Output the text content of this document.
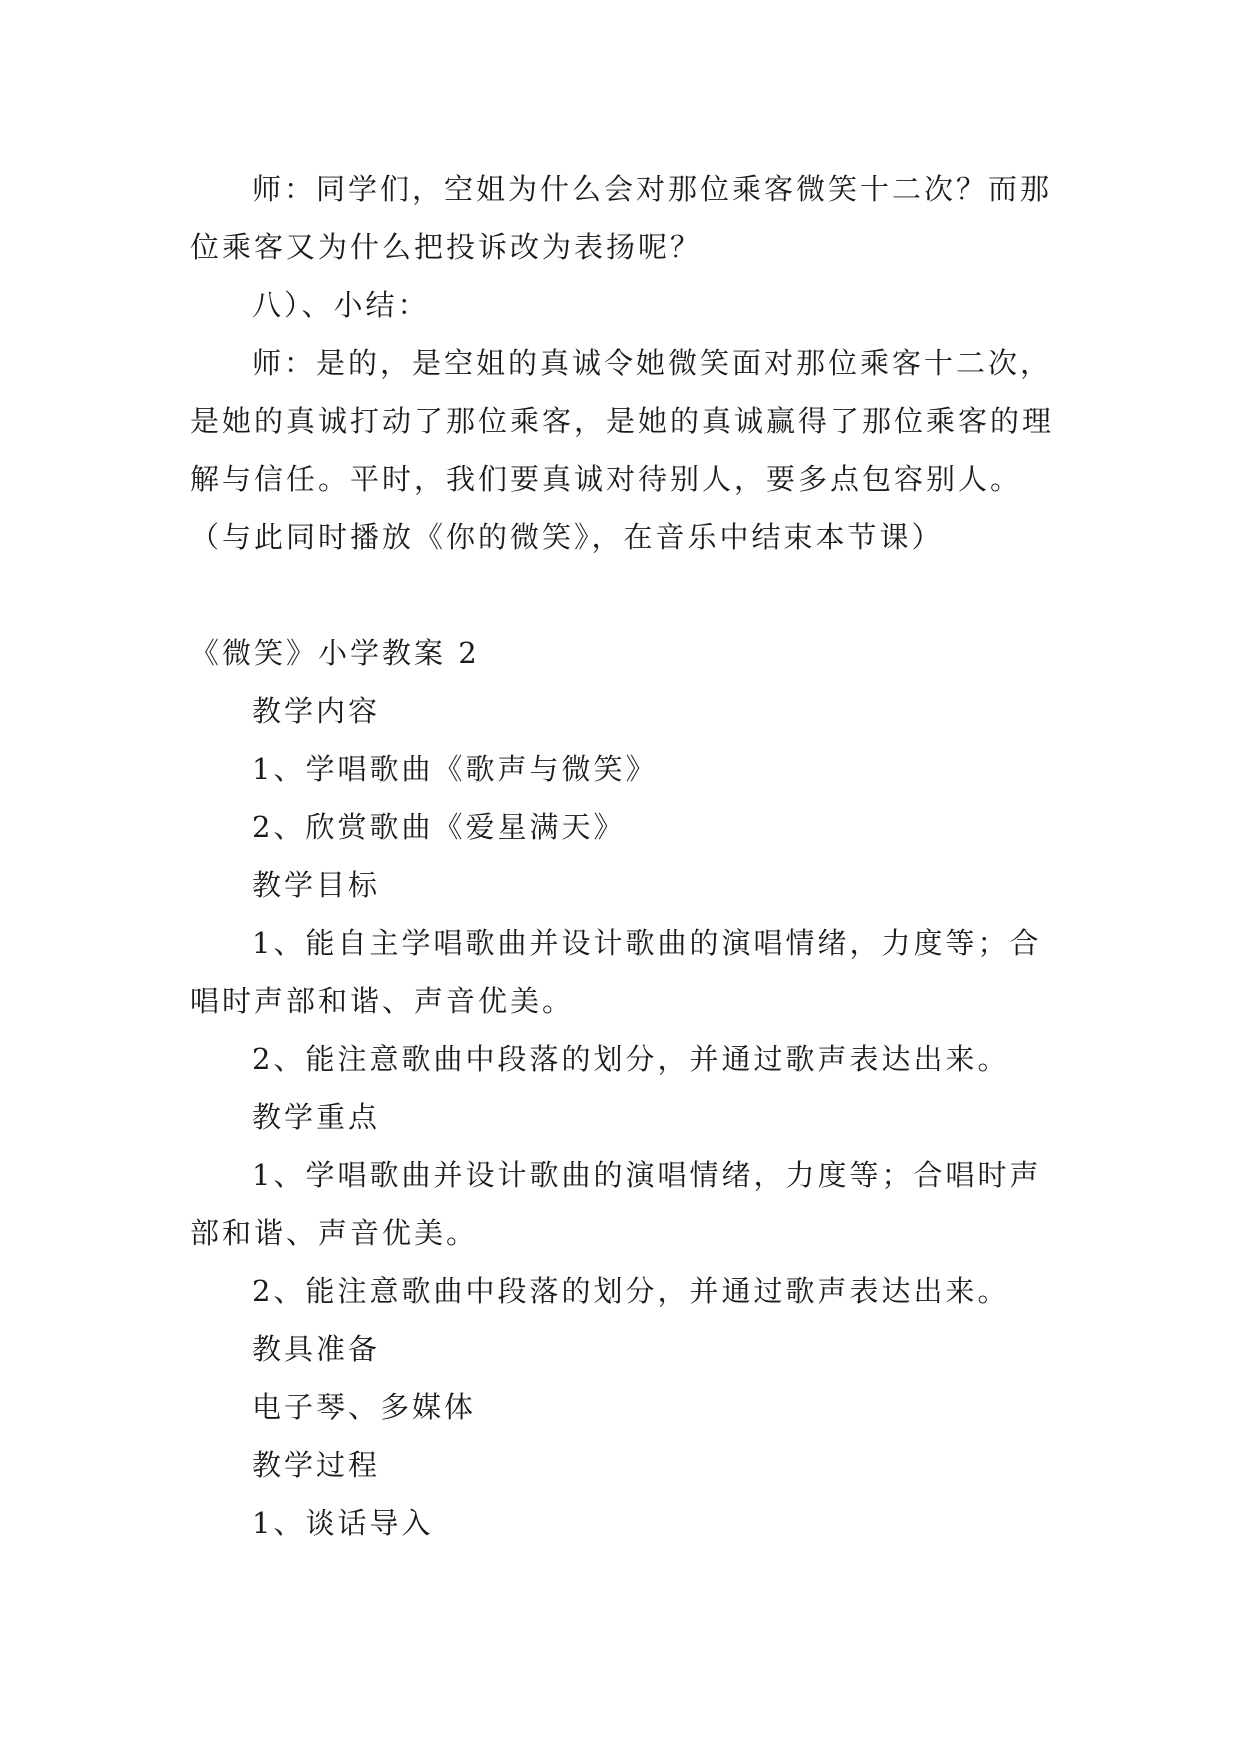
师：同学们，空姐为什么会对那位乘客微笑十二次？而那位乘客又为什么把投诉改为表扬呢？

八）、小结：

师：是的，是空姐的真诚令她微笑面对那位乘客十二次，是她的真诚打动了那位乘客，是她的真诚赢得了那位乘客的理解与信任。平时，我们要真诚对待别人，要多点包容别人。（与此同时播放《你的微笑》，在音乐中结束本节课）

《微笑》小学教案 2

教学内容

1、学唱歌曲《歌声与微笑》

2、欣赏歌曲《爱星满天》

教学目标

1、能自主学唱歌曲并设计歌曲的演唱情绪，力度等；合唱时声部和谐、声音优美。

2、能注意歌曲中段落的划分，并通过歌声表达出来。

教学重点

1、学唱歌曲并设计歌曲的演唱情绪，力度等；合唱时声部和谐、声音优美。

2、能注意歌曲中段落的划分，并通过歌声表达出来。

教具准备

电子琴、多媒体

教学过程

1、谈话导入
